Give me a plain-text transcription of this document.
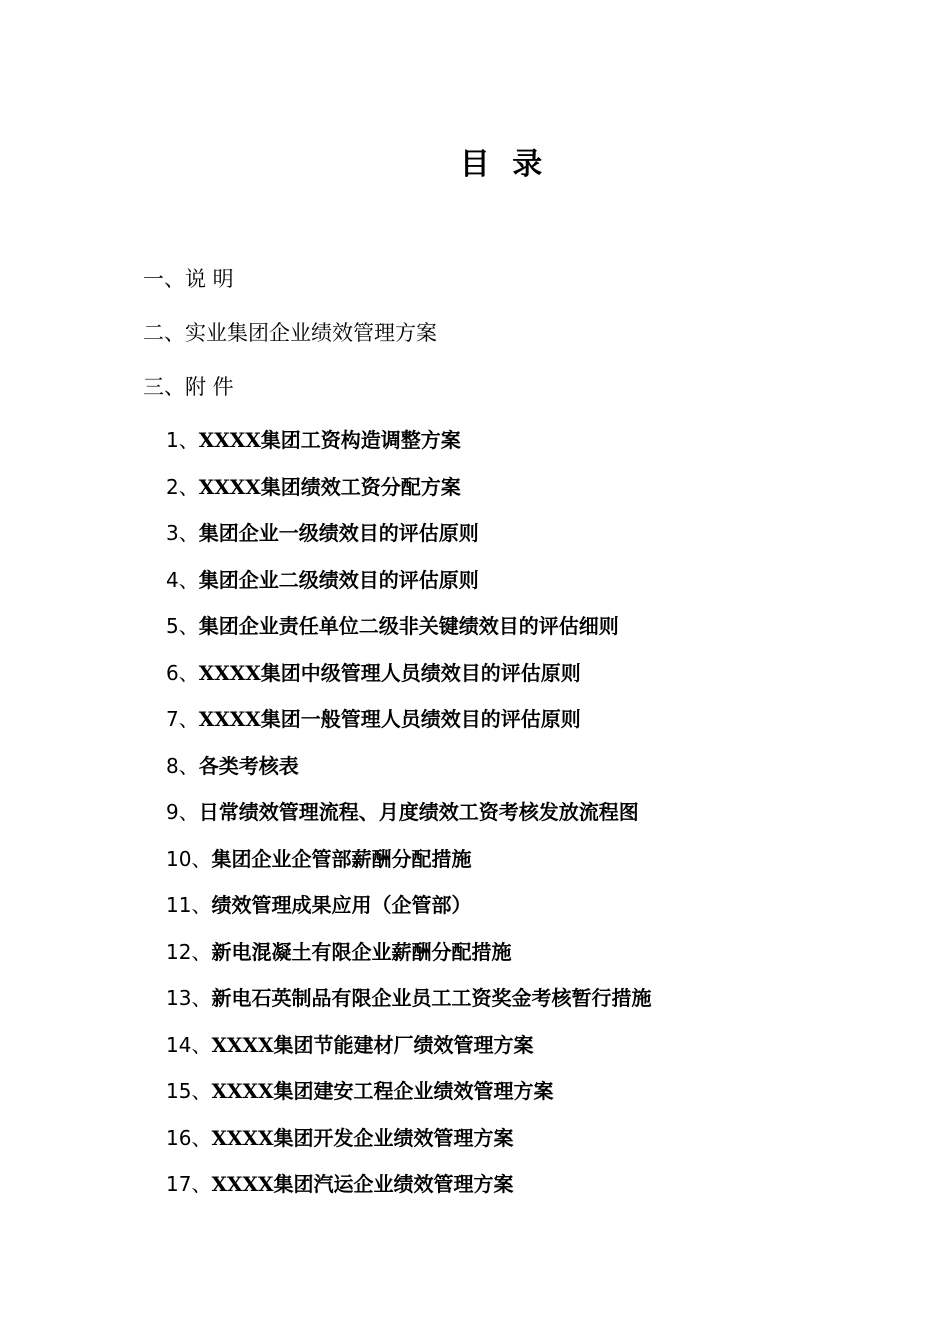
目 录
一、说 明
二、实业集团企业绩效管理方案
三、附 件
1、XXXX集团工资构造调整方案
2、XXXX集团绩效工资分配方案
3、集团企业一级绩效目的评估原则
4、集团企业二级绩效目的评估原则
5、集团企业责任单位二级非关键绩效目的评估细则
6、XXXX集团中级管理人员绩效目的评估原则
7、XXXX集团一般管理人员绩效目的评估原则
8、各类考核表
9、日常绩效管理流程、月度绩效工资考核发放流程图
10、集团企业企管部薪酬分配措施
11、绩效管理成果应用（企管部）
12、新电混凝土有限企业薪酬分配措施
13、新电石英制品有限企业员工工资奖金考核暂行措施
14、XXXX集团节能建材厂绩效管理方案
15、XXXX集团建安工程企业绩效管理方案
16、XXXX集团开发企业绩效管理方案
17、XXXX集团汽运企业绩效管理方案
